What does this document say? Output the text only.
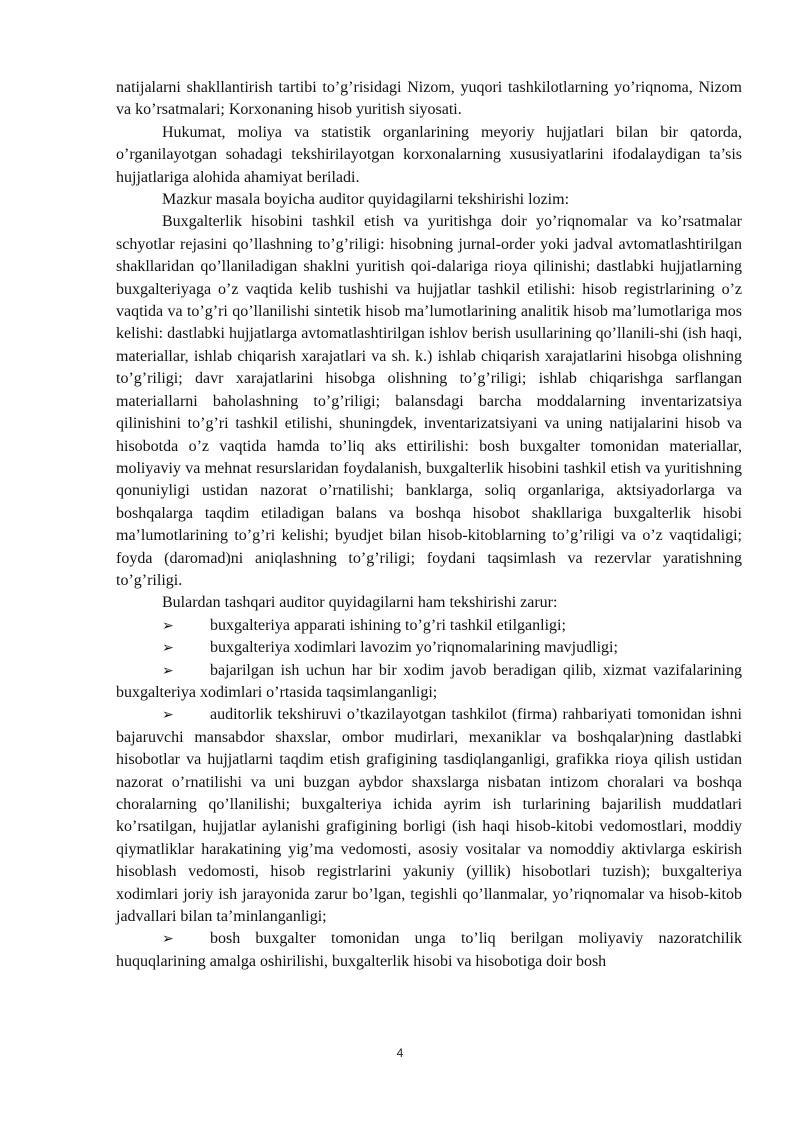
natijalarni shakllantirish tartibi to’g’risidagi Nizom, yuqori tashkilotlarning yo’riqnoma, Nizom va ko’rsatmalari; Korxonaning hisob yuritish siyosati.

Hukumat, moliya va statistik organlarining meyoriy hujjatlari bilan bir qatorda, o’rganilayotgan sohadagi tekshirilayotgan korxonalarning xususiyatlarini ifodalaydigan ta’sis hujjatlariga alohida ahamiyat beriladi.

Mazkur masala boyicha auditor quyidagilarni tekshirishi lozim:

Buxgalterlik hisobini tashkil etish va yuritishga doir yo’riqnomalar va ko’rsatmalar schyotlar rejasini qo’llashning to’g’riligi: hisobning jurnal-order yoki jadval avtomatlashtirilgan shakllaridan qo’llaniladigan shaklni yuritish qoi-dalariga rioya qilinishi; dastlabki hujjatlarning buxgalteriyaga o’z vaqtida kelib tushishi va hujjatlar tashkil etilishi: hisob registrlarining o’z vaqtida va to’g’ri qo’llanilishi sintetik hisob ma’lumotlarining analitik hisob ma’lumotlariga mos kelishi: dastlabki hujjatlarga avtomatlashtirilgan ishlov berish usullarining qo’llanili-shi (ish haqi, materiallar, ishlab chiqarish xarajatlari va sh. k.) ishlab chiqarish xarajatlarini hisobga olishning to’g’riligi; davr xarajatlarini hisobga olishning to’g’riligi; ishlab chiqarishga sarflangan materiallarni baholashning to’g’riligi; balansdagi barcha moddalarning inventarizatsiya qilinishini to’g’ri tashkil etilishi, shuningdek, inventarizatsiyani va uning natijalarini hisob va hisobotda o’z vaqtida hamda to’liq aks ettirilishi: bosh buxgalter tomonidan materiallar, moliyaviy va mehnat resurslaridan foydalanish, buxgalterlik hisobini tashkil etish va yuritishning qonuniyligi ustidan nazorat o’rnatilishi; banklarga, soliq organlariga, aktsiyadorlarga va boshqalarga taqdim etiladigan balans va boshqa hisobot shakllariga buxgalterlik hisobi ma’lumotlarining to’g’ri kelishi; byudjet bilan hisob-kitoblarning to’g’riligi va o’z vaqtidaligi; foyda (daromad)ni aniqlashning to’g’riligi; foydani taqsimlash va rezervlar yaratishning to’g’riligi.

Bulardan tashqari auditor quyidagilarni ham tekshirishi zarur:

➢ buxgalteriya apparati ishining to’g’ri tashkil etilganligi;

➢ buxgalteriya xodimlari lavozim yo’riqnomalarining mavjudligi;

➢ bajarilgan ish uchun har bir xodim javob beradigan qilib, xizmat vazifalarining buxgalteriya xodimlari o’rtasida taqsimlanganligi;

➢ auditorlik tekshiruvi o’tkazilayotgan tashkilot (firma) rahbariyati tomonidan ishni bajaruvchi mansabdor shaxslar, ombor mudirlari, mexaniklar va boshqalar)ning dastlabki hisobotlar va hujjatlarni taqdim etish grafigining tasdiqlanganligi, grafikka rioya qilish ustidan nazorat o’rnatilishi va uni buzgan aybdor shaxslarga nisbatan intizom choralari va boshqa choralarning qo’llanilishi; buxgalteriya ichida ayrim ish turlarining bajarilish muddatlari ko’rsatilgan, hujjatlar aylanishi grafigining borligi (ish haqi hisob-kitobi vedomostlari, moddiy qiymatliklar harakatining yig’ma vedomosti, asosiy vositalar va nomoddiy aktivlarga eskirish hisoblash vedomosti, hisob registrlarini yakuniy (yillik) hisobotlari tuzish); buxgalteriya xodimlari joriy ish jarayonida zarur bo’lgan, tegishli qo’llanmalar, yo’riqnomalar va hisob-kitob jadvallari bilan ta’minlanganligi;

➢ bosh buxgalter tomonidan unga to’liq berilgan moliyaviy nazoratchilik huquqlarining amalga oshirilishi, buxgalterlik hisobi va hisobotiga doir bosh

4
